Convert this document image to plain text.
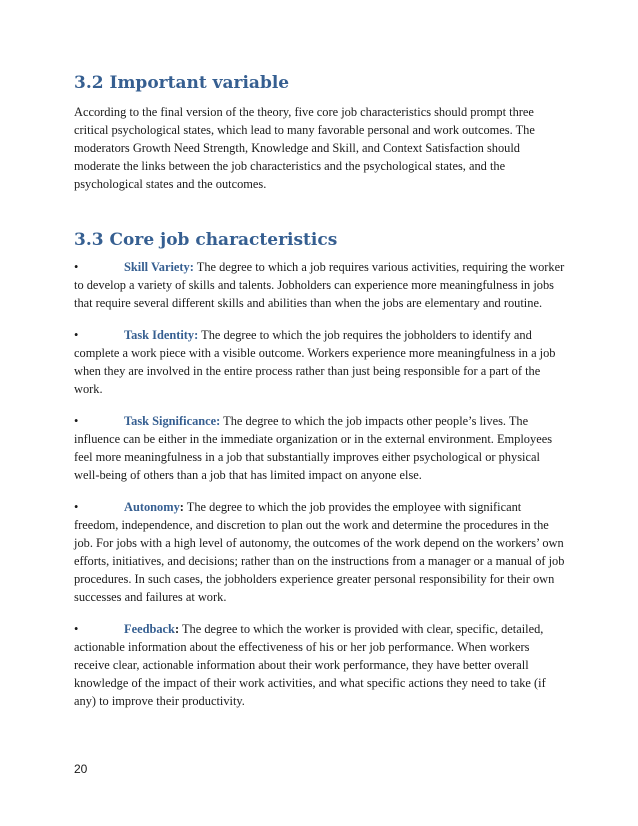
3.2 Important variable

According to the final version of the theory, five core job characteristics should prompt three critical psychological states, which lead to many favorable personal and work outcomes. The moderators Growth Need Strength, Knowledge and Skill, and Context Satisfaction should moderate the links between the job characteristics and the psychological states, and the psychological states and the outcomes.

3.3 Core job characteristics

•	Skill Variety: The degree to which a job requires various activities, requiring the worker to develop a variety of skills and talents. Jobholders can experience more meaningfulness in jobs that require several different skills and abilities than when the jobs are elementary and routine.

•	Task Identity: The degree to which the job requires the jobholders to identify and complete a work piece with a visible outcome. Workers experience more meaningfulness in a job when they are involved in the entire process rather than just being responsible for a part of the work.

•	Task Significance: The degree to which the job impacts other people’s lives. The influence can be either in the immediate organization or in the external environment. Employees feel more meaningfulness in a job that substantially improves either psychological or physical well-being of others than a job that has limited impact on anyone else.

•	Autonomy: The degree to which the job provides the employee with significant freedom, independence, and discretion to plan out the work and determine the procedures in the job. For jobs with a high level of autonomy, the outcomes of the work depend on the workers’ own efforts, initiatives, and decisions; rather than on the instructions from a manager or a manual of job procedures. In such cases, the jobholders experience greater personal responsibility for their own successes and failures at work.

•	Feedback: The degree to which the worker is provided with clear, specific, detailed, actionable information about the effectiveness of his or her job performance. When workers receive clear, actionable information about their work performance, they have better overall knowledge of the impact of their work activities, and what specific actions they need to take (if any) to improve their productivity.

20
